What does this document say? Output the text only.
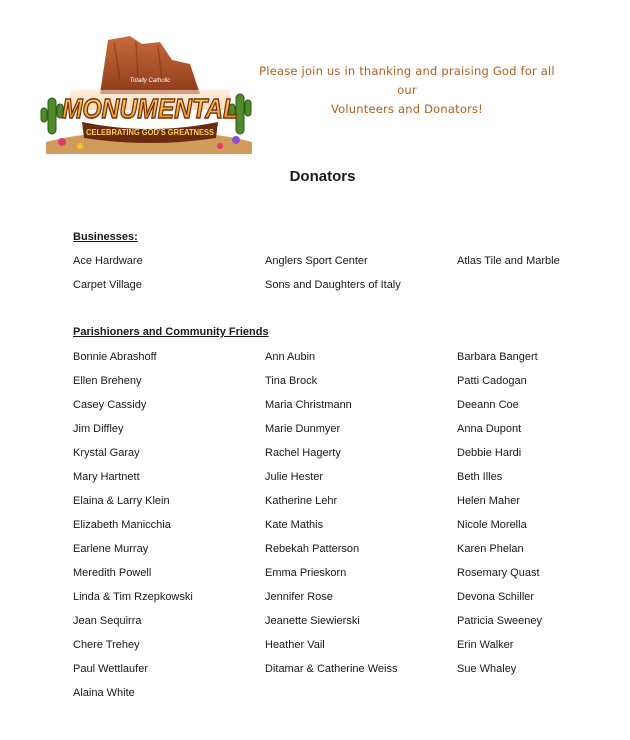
Totally Catholic
MONUMENTAL
CELEBRATING GOD'S GREATNESS
Please join us in thanking and praising God for all our
Volunteers and Donators!
Donators
Businesses:
Ace Hardware	Anglers Sport Center	Atlas Tile and Marble
Carpet Village	Sons and Daughters of Italy
Parishioners and Community Friends
Bonnie Abrashoff	Ann Aubin	Barbara Bangert
Ellen Breheny	Tina Brock	Patti Cadogan
Casey Cassidy	Maria Christmann	Deeann Coe
Jim Diffley	Marie Dunmyer	Anna Dupont
Krystal Garay	Rachel Hagerty	Debbie Hardi
Mary Hartnett	Julie Hester	Beth Illes
Elaina & Larry Klein	Katherine Lehr	Helen Maher
Elizabeth Manicchia	Kate Mathis	Nicole Morella
Earlene Murray	Rebekah Patterson	Karen Phelan
Meredith Powell	Emma Prieskorn	Rosemary Quast
Linda & Tim Rzepkowski	Jennifer Rose	Devona Schiller
Jean Sequirra	Jeanette Siewierski	Patricia Sweeney
Chere Trehey	Heather Vail	Erin Walker
Paul Wettlaufer	Ditamar & Catherine Weiss	Sue Whaley
Alaina White
